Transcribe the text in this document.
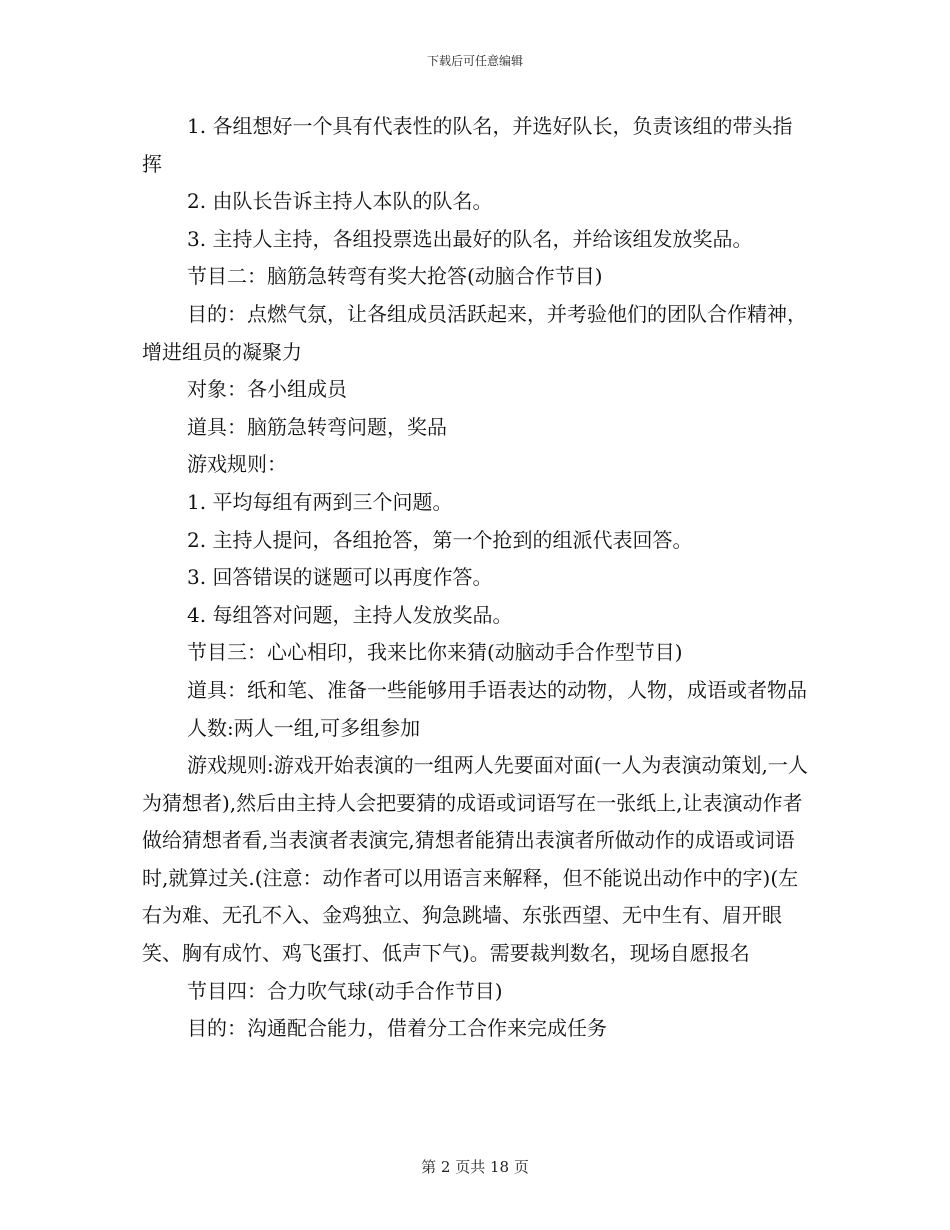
下载后可任意编辑

1. 各组想好一个具有代表性的队名，并选好队长，负责该组的带头指挥

2. 由队长告诉主持人本队的队名。

3. 主持人主持，各组投票选出最好的队名，并给该组发放奖品。

节目二：脑筋急转弯有奖大抢答(动脑合作节目)

目的：点燃气氛，让各组成员活跃起来，并考验他们的团队合作精神，增进组员的凝聚力

对象：各小组成员

道具：脑筋急转弯问题，奖品

游戏规则：

1. 平均每组有两到三个问题。

2. 主持人提问，各组抢答，第一个抢到的组派代表回答。

3. 回答错误的谜题可以再度作答。

4. 每组答对问题，主持人发放奖品。

节目三：心心相印，我来比你来猜(动脑动手合作型节目)

道具：纸和笔、准备一些能够用手语表达的动物，人物，成语或者物品

人数:两人一组,可多组参加

游戏规则:游戏开始表演的一组两人先要面对面(一人为表演动策划,一人为猜想者),然后由主持人会把要猜的成语或词语写在一张纸上,让表演动作者做给猜想者看,当表演者表演完,猜想者能猜出表演者所做动作的成语或词语时,就算过关.(注意：动作者可以用语言来解释，但不能说出动作中的字)(左右为难、无孔不入、金鸡独立、狗急跳墙、东张西望、无中生有、眉开眼笑、胸有成竹、鸡飞蛋打、低声下气)。需要裁判数名，现场自愿报名

节目四：合力吹气球(动手合作节目)

目的：沟通配合能力，借着分工合作来完成任务

第 2 页共 18 页
